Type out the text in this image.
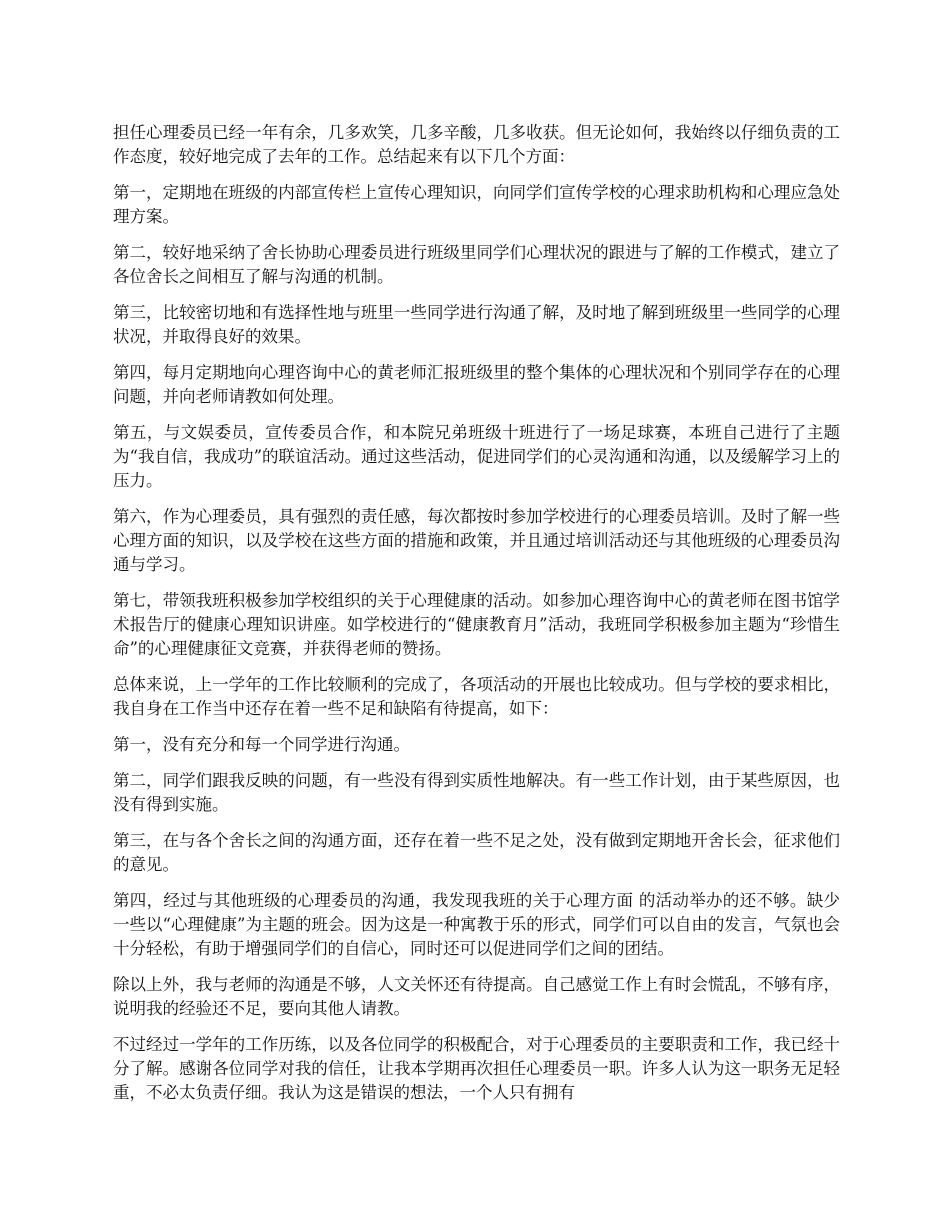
担任心理委员已经一年有余，几多欢笑，几多辛酸，几多收获。但无论如何，我始终以仔细负责的工作态度，较好地完成了去年的工作。总结起来有以下几个方面：

第一，定期地在班级的内部宣传栏上宣传心理知识，向同学们宣传学校的心理求助机构和心理应急处理方案。

第二，较好地采纳了舍长协助心理委员进行班级里同学们心理状况的跟进与了解的工作模式，建立了各位舍长之间相互了解与沟通的机制。

第三，比较密切地和有选择性地与班里一些同学进行沟通了解，及时地了解到班级里一些同学的心理状况，并取得良好的效果。

第四，每月定期地向心理咨询中心的黄老师汇报班级里的整个集体的心理状况和个别同学存在的心理问题，并向老师请教如何处理。

第五，与文娱委员，宣传委员合作，和本院兄弟班级十班进行了一场足球赛，本班自己进行了主题为“我自信，我成功”的联谊活动。通过这些活动，促进同学们的心灵沟通和沟通，以及缓解学习上的压力。

第六，作为心理委员，具有强烈的责任感，每次都按时参加学校进行的心理委员培训。及时了解一些心理方面的知识，以及学校在这些方面的措施和政策，并且通过培训活动还与其他班级的心理委员沟通与学习。

第七，带领我班积极参加学校组织的关于心理健康的活动。如参加心理咨询中心的黄老师在图书馆学术报告厅的健康心理知识讲座。如学校进行的“健康教育月”活动，我班同学积极参加主题为“珍惜生命”的心理健康征文竞赛，并获得老师的赞扬。

总体来说，上一学年的工作比较顺利的完成了，各项活动的开展也比较成功。但与学校的要求相比，我自身在工作当中还存在着一些不足和缺陷有待提高，如下：

第一，没有充分和每一个同学进行沟通。

第二，同学们跟我反映的问题，有一些没有得到实质性地解决。有一些工作计划，由于某些原因，也没有得到实施。

第三，在与各个舍长之间的沟通方面，还存在着一些不足之处，没有做到定期地开舍长会，征求他们的意见。

第四，经过与其他班级的心理委员的沟通，我发现我班的关于心理方面 的活动举办的还不够。缺少一些以“心理健康”为主题的班会。因为这是一种寓教于乐的形式，同学们可以自由的发言，气氛也会十分轻松，有助于增强同学们的自信心，同时还可以促进同学们之间的团结。

除以上外，我与老师的沟通是不够，人文关怀还有待提高。自己感觉工作上有时会慌乱，不够有序，说明我的经验还不足，要向其他人请教。

不过经过一学年的工作历练，以及各位同学的积极配合，对于心理委员的主要职责和工作，我已经十分了解。感谢各位同学对我的信任，让我本学期再次担任心理委员一职。许多人认为这一职务无足轻重，不必太负责仔细。我认为这是错误的想法，一个人只有拥有
